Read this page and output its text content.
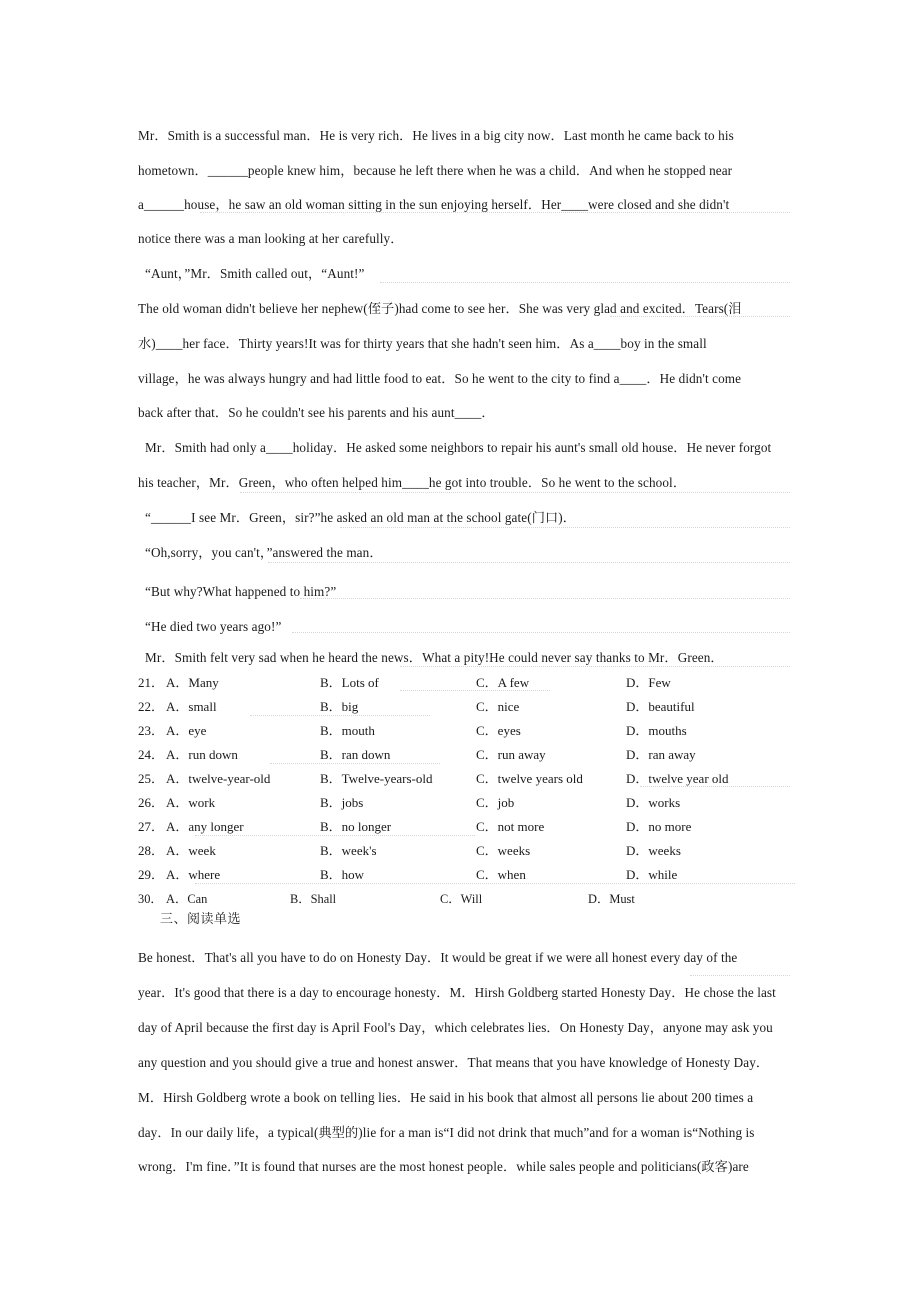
Mr．Smith is a successful man．He is very rich．He lives in a big city now．Last month he came back to his
hometown．______people knew him，because he left there when he was a child．And when he stopped near
a______house，he saw an old woman sitting in the sun enjoying herself．Her____were closed and she didn't
notice there was a man looking at her carefully．
“Aunt，”Mr．Smith called out，“Aunt!”
The old woman didn't believe her nephew(侄子)had come to see her．She was very glad and excited．Tears(泪
水)____her face．Thirty years!It was for thirty years that she hadn't seen him．As a____boy in the small
village，he was always hungry and had little food to eat．So he went to the city to find a____．He didn't come
back after that．So he couldn't see his parents and his aunt____．
Mr．Smith had only a____holiday．He asked some neighbors to repair his aunt's small old house．He never forgot
his teacher，Mr．Green，who often helped him____he got into trouble．So he went to the school．
“______I see Mr．Green，sir?”he asked an old man at the school gate(门口)．
“Oh,sorry，you can't，”answered the man．
“But why?What happened to him?”
“He died two years ago!”
Mr．Smith felt very sad when he heard the news．What a pity!He could never say thanks to Mr．Green．
21． A．Many	B．Lots of	C．A few	D．Few
22． A．small	B．big	C．nice	D．beautiful
23． A．eye	B．mouth	C．eyes	D．mouths
24． A．run down	B．ran down	C．run away	D．ran away
25． A．twelve-year-old	B．Twelve-years-old	C．twelve years old	D．twelve year old
26． A．work	B．jobs	C．job	D．works
27． A．any longer	B．no longer	C．not more	D．no more
28． A．week	B．week's	C．weeks	D．weeks
29． A．where	B．how	C．when	D．while
30． A．Can	B．Shall	C．Will	D．Must
三、阅读单选
Be honest．That's all you have to do on Honesty Day．It would be great if we were all honest every day of the
year．It's good that there is a day to encourage honesty．M．Hirsh Goldberg started Honesty Day．He chose the last
day of April because the first day is April Fool's Day，which celebrates lies．On Honesty Day，anyone may ask you
any question and you should give a true and honest answer．That means that you have knowledge of Honesty Day．
M．Hirsh Goldberg wrote a book on telling lies．He said in his book that almost all persons lie about 200 times a
day．In our daily life，a typical(典型的)lie for a man is“I did not drink that much”and for a woman is“Nothing is
wrong．I'm fine．”It is found that nurses are the most honest people．while sales people and politicians(政客)are
